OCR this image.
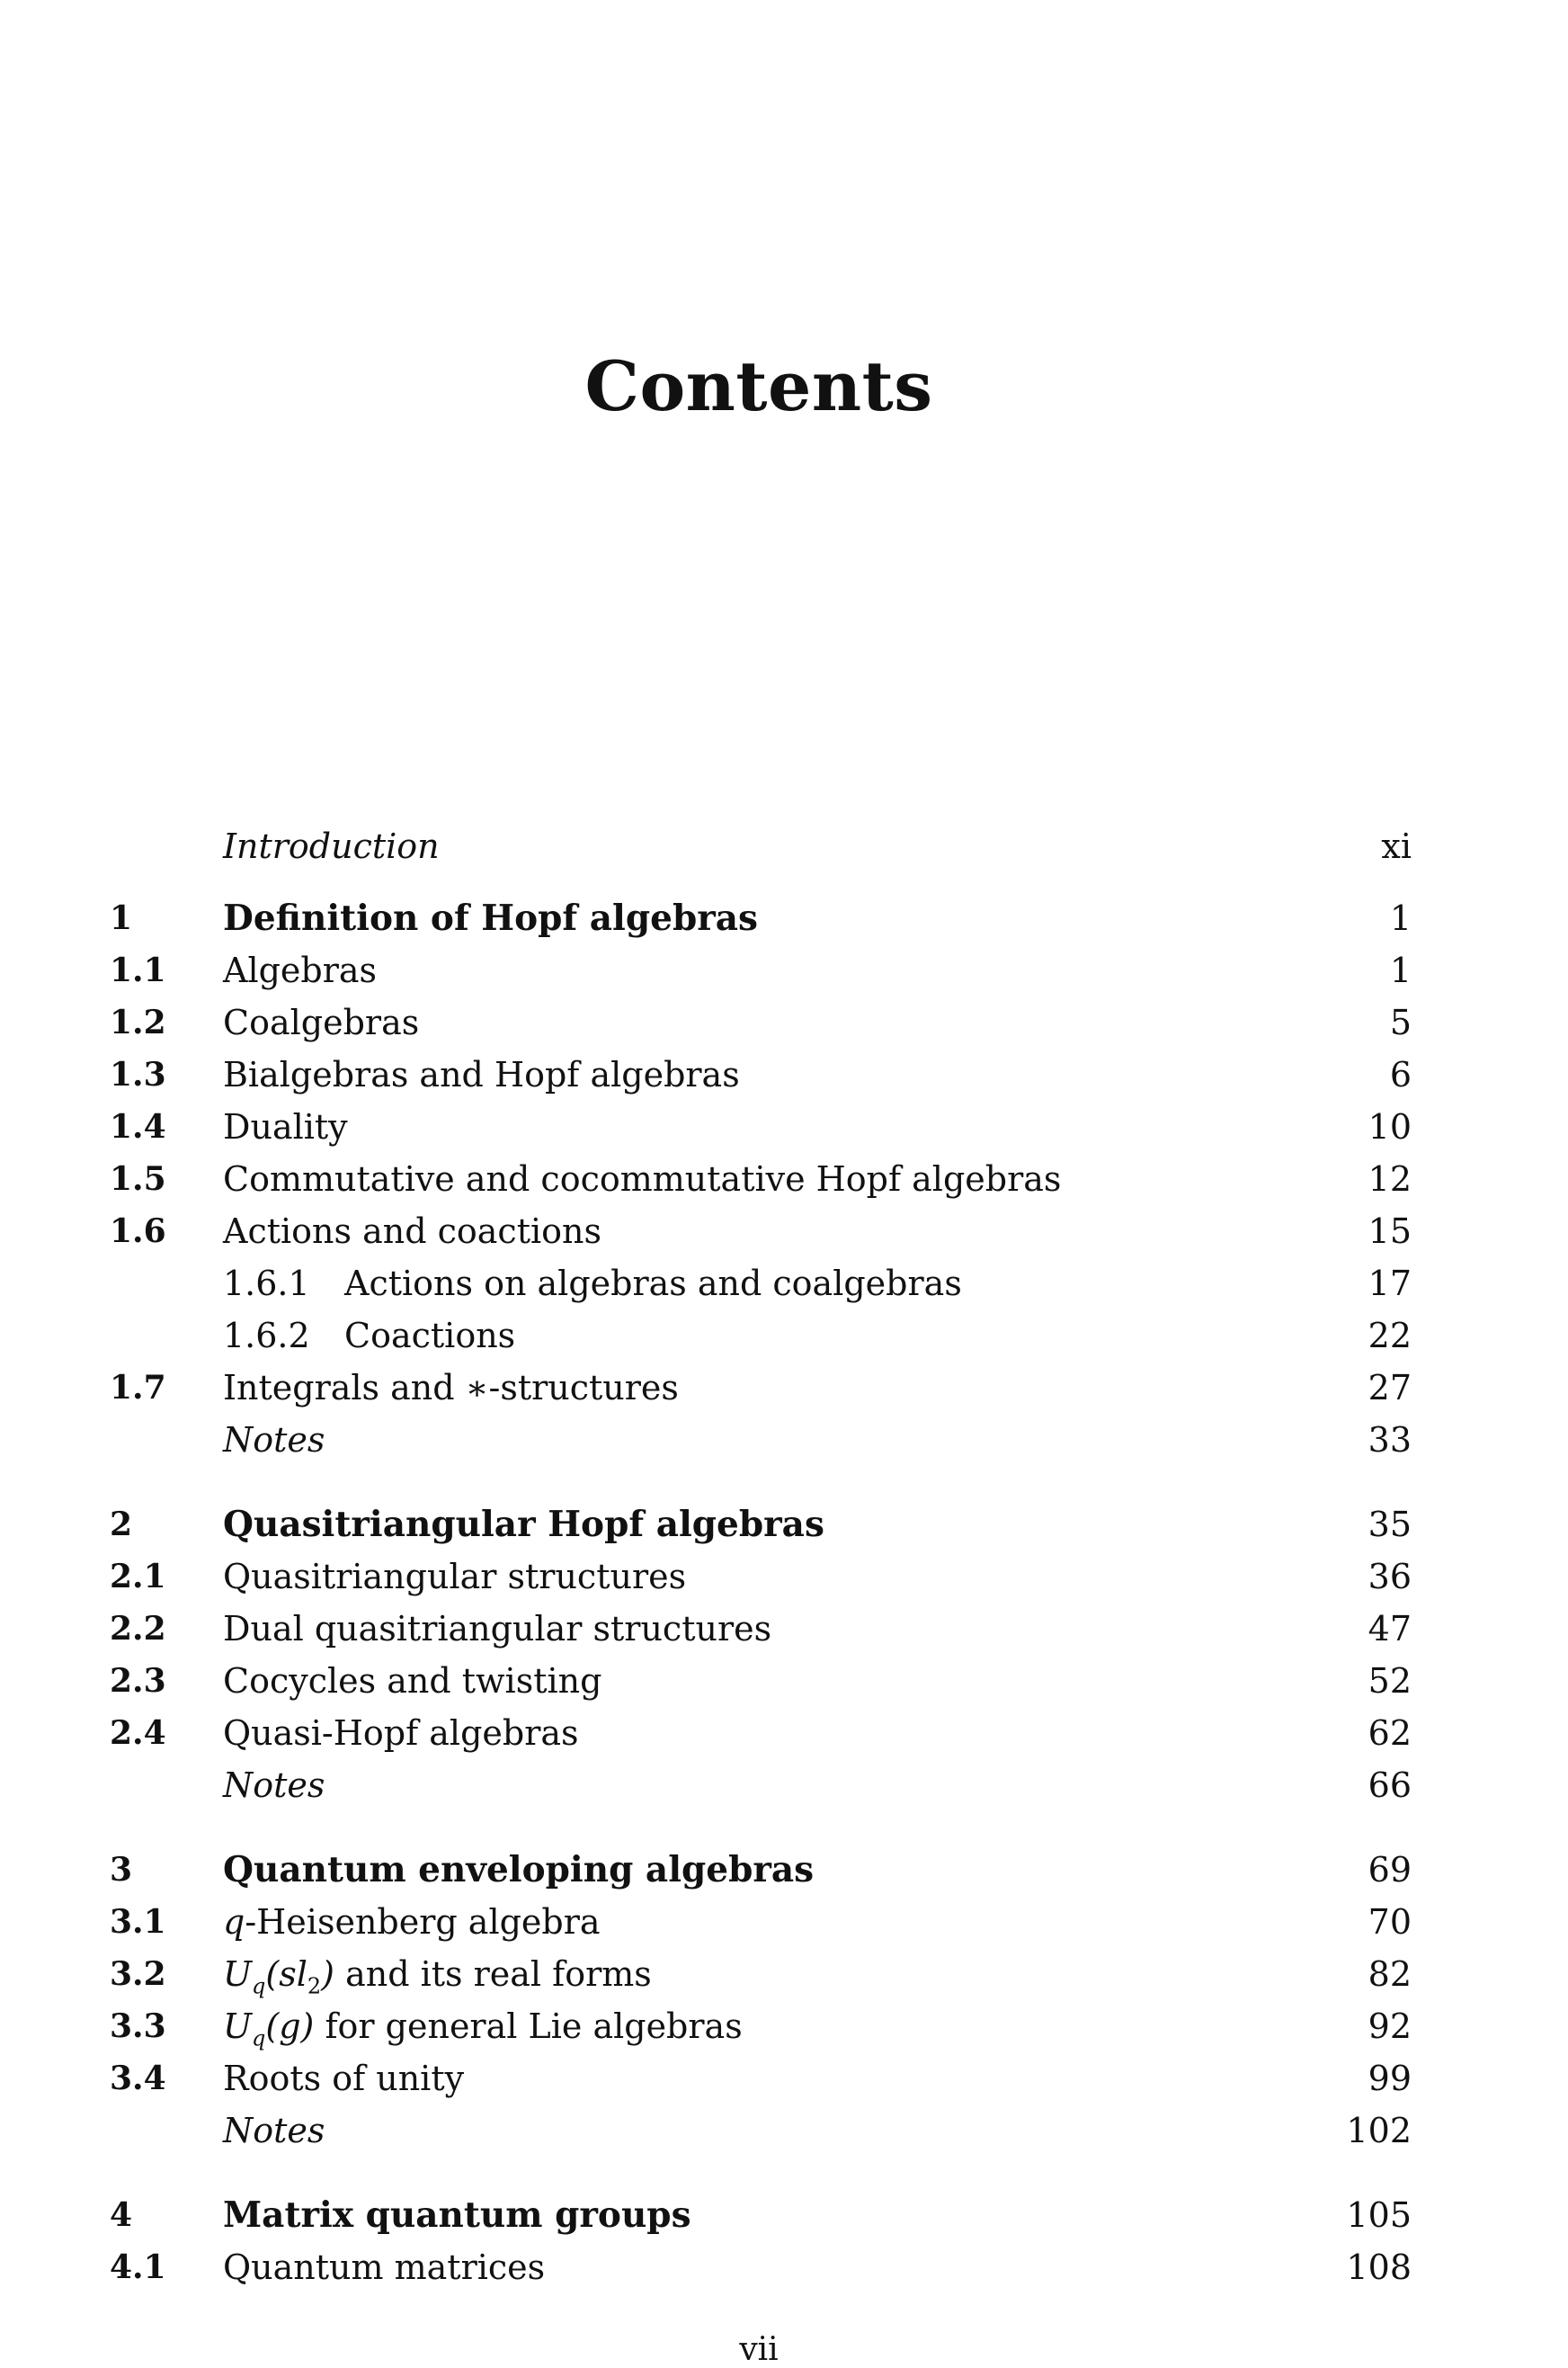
Contents
Introduction	xi
1	Definition of Hopf algebras	1
1.1 Algebras	1
1.2 Coalgebras	5
1.3 Bialgebras and Hopf algebras	6
1.4 Duality	10
1.5 Commutative and cocommutative Hopf algebras	12
1.6 Actions and coactions	15
1.6.1 Actions on algebras and coalgebras	17
1.6.2 Coactions	22
1.7 Integrals and ∗-structures	27
Notes	33
2	Quasitriangular Hopf algebras	35
2.1 Quasitriangular structures	36
2.2 Dual quasitriangular structures	47
2.3 Cocycles and twisting	52
2.4 Quasi-Hopf algebras	62
Notes	66
3	Quantum enveloping algebras	69
3.1 q-Heisenberg algebra	70
3.2 $U_q(sl_2)$ and its real forms	82
3.3 $U_q(g)$ for general Lie algebras	92
3.4 Roots of unity	99
Notes	102
4	Matrix quantum groups	105
4.1 Quantum matrices	108
vii
